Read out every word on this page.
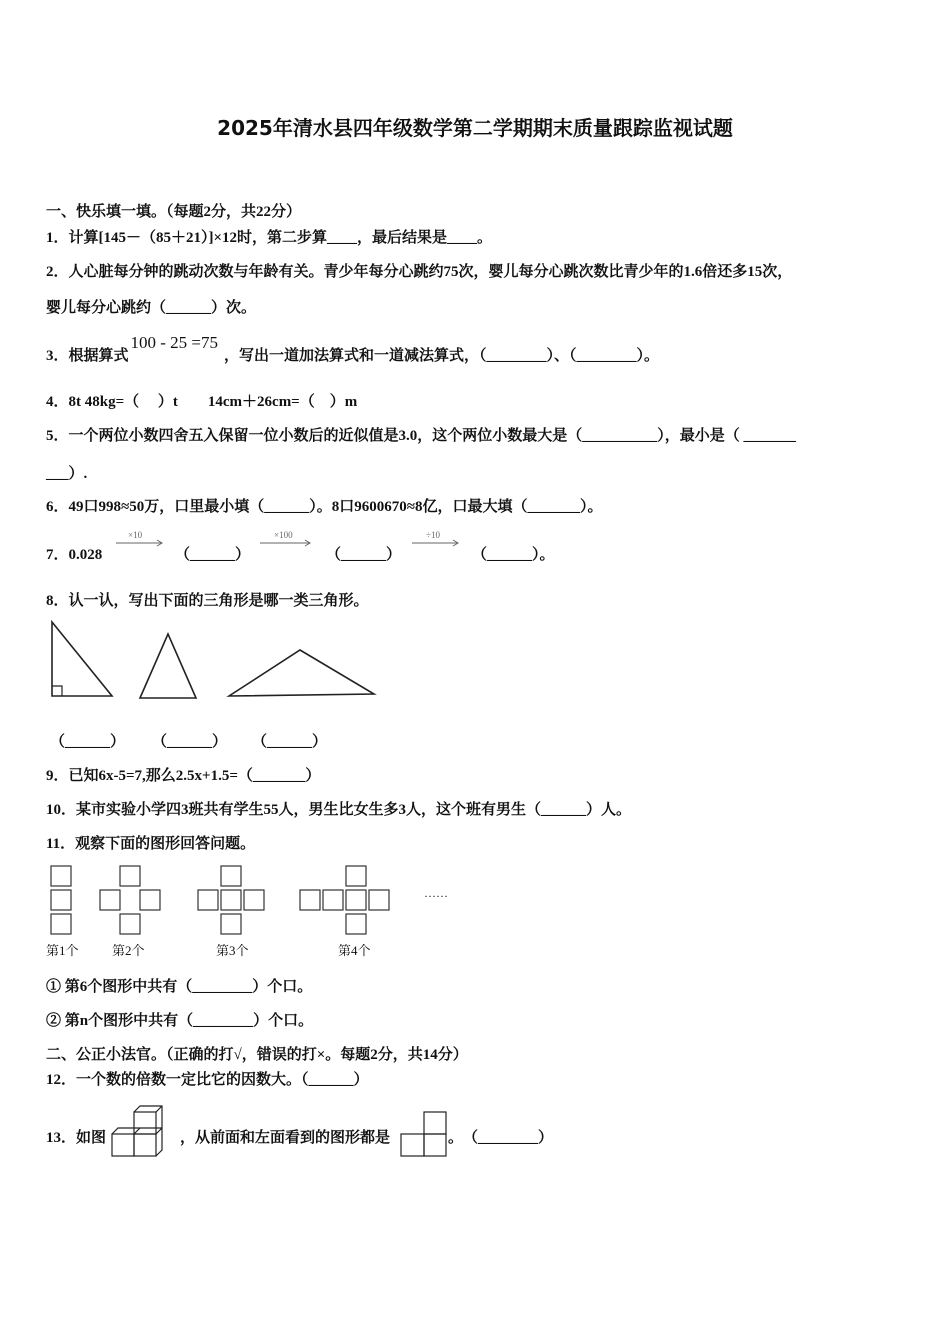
2025年清水县四年级数学第二学期期末质量跟踪监视试题
一、快乐填一填。（每题2分，共22分）
1．计算[145－（85＋21）]×12时，第二步算____，最后结果是____。
2．人心脏每分钟的跳动次数与年龄有关。青少年每分心跳约75次，婴儿每分心跳次数比青少年的1.6倍还多15次，
婴儿每分心跳约（______）次。
3．根据算式100 - 25 =75，写出一道加法算式和一道减法算式，（________）、（________）。
4．8t 48kg=（　 ）t　　14cm＋26cm=（　）m
5．一个两位小数四舍五入保留一位小数后的近似值是3.0，这个两位小数最大是（__________），最小是（ _______
___）.
6．49口998≈50万，口里最小填（______）。8口9600670≈8亿，口最大填（_______）。
7．0.028
×10
（______）
×100
（______）
÷10
（______）。
8．认一认，写出下面的三角形是哪一类三角形。
（______） （______） （______）
9．已知6x-5=7,那么2.5x+1.5=（_______）
10．某市实验小学四3班共有学生55人，男生比女生多3人，这个班有男生（______）人。
11．观察下面的图形回答问题。
……
第1个	第2个	第3个	第4个
① 第6个图形中共有（________）个口。
② 第n个图形中共有（________）个口。
二、公正小法官。（正确的打√，错误的打×。每题2分，共14分）
12．一个数的倍数一定比它的因数大。（______）
13．如图	，从前面和左面看到的图形都是	。　（________）
